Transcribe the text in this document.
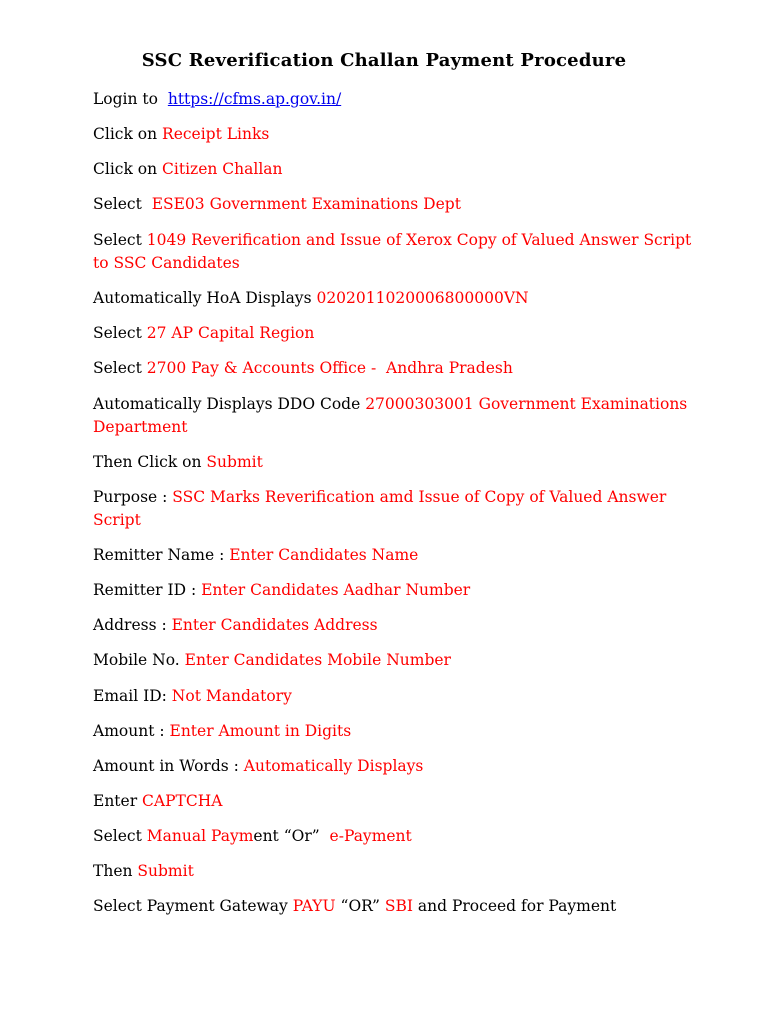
SSC Reverification Challan Payment Procedure
Login to  https://cfms.ap.gov.in/
Click on Receipt Links
Click on Citizen Challan
Select  ESE03 Government Examinations Dept
Select 1049 Reverification and Issue of Xerox Copy of Valued Answer Script to SSC Candidates
Automatically HoA Displays 0202011020006800000VN
Select 27 AP Capital Region
Select 2700 Pay & Accounts Office -  Andhra Pradesh
Automatically Displays DDO Code 27000303001 Government Examinations Department
Then Click on Submit
Purpose : SSC Marks Reverification amd Issue of Copy of Valued Answer Script
Remitter Name : Enter Candidates Name
Remitter ID : Enter Candidates Aadhar Number
Address : Enter Candidates Address
Mobile No. Enter Candidates Mobile Number
Email ID: Not Mandatory
Amount : Enter Amount in Digits
Amount in Words : Automatically Displays
Enter CAPTCHA
Select Manual Payment “Or”  e-Payment
Then Submit
Select Payment Gateway PAYU “OR” SBI and Proceed for Payment
